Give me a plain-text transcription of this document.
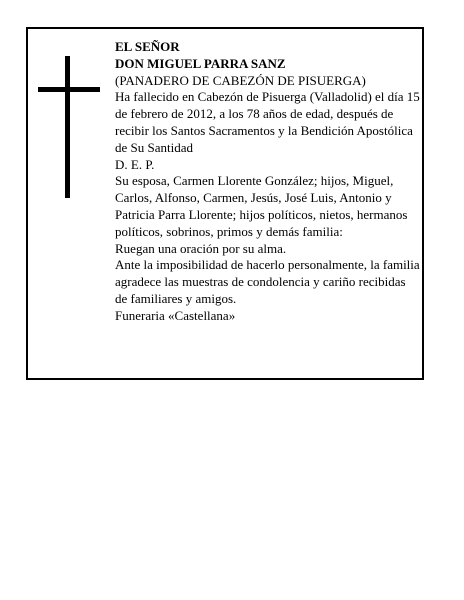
EL SEÑOR

DON MIGUEL PARRA SANZ

(PANADERO DE CABEZÓN DE PISUERGA)

Ha fallecido en Cabezón de Pisuerga (Valladolid) el día 15 de febrero de 2012, a los 78 años de edad, después de recibir los Santos Sacramentos y la Bendición Apostólica de Su Santidad

D. E. P.

Su esposa, Carmen Llorente González; hijos, Miguel, Carlos, Alfonso, Carmen, Jesús, José Luis, Antonio y Patricia Parra Llorente; hijos políticos, nietos, hermanos políticos, sobrinos, primos y demás familia:

Ruegan una oración por su alma.

Ante la imposibilidad de hacerlo personalmente, la familia agradece las muestras de condolencia y cariño recibidas de familiares y amigos.

Funeraria «Castellana»
